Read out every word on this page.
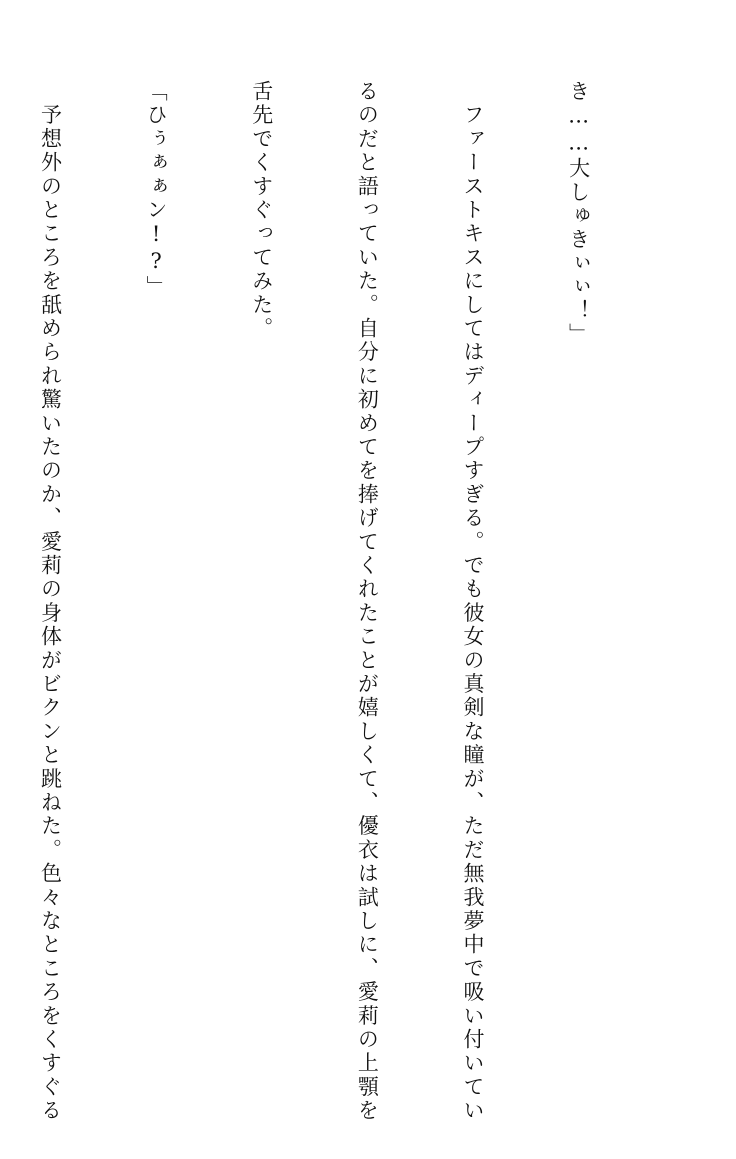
き……大しゅきぃぃ！」

　ファーストキスにしてはディープすぎる。でも彼女の真剣な瞳が、ただ無我夢中で吸い付いてい

るのだと語っていた。自分に初めてを捧げてくれたことが嬉しくて、優衣は試しに、愛莉の上顎を

舌先でくすぐってみた。

「ひぅぁぁン!?」

　予想外のところを舐められ驚いたのか、愛莉の身体がビクンと跳ねた。色々なところをくすぐる
